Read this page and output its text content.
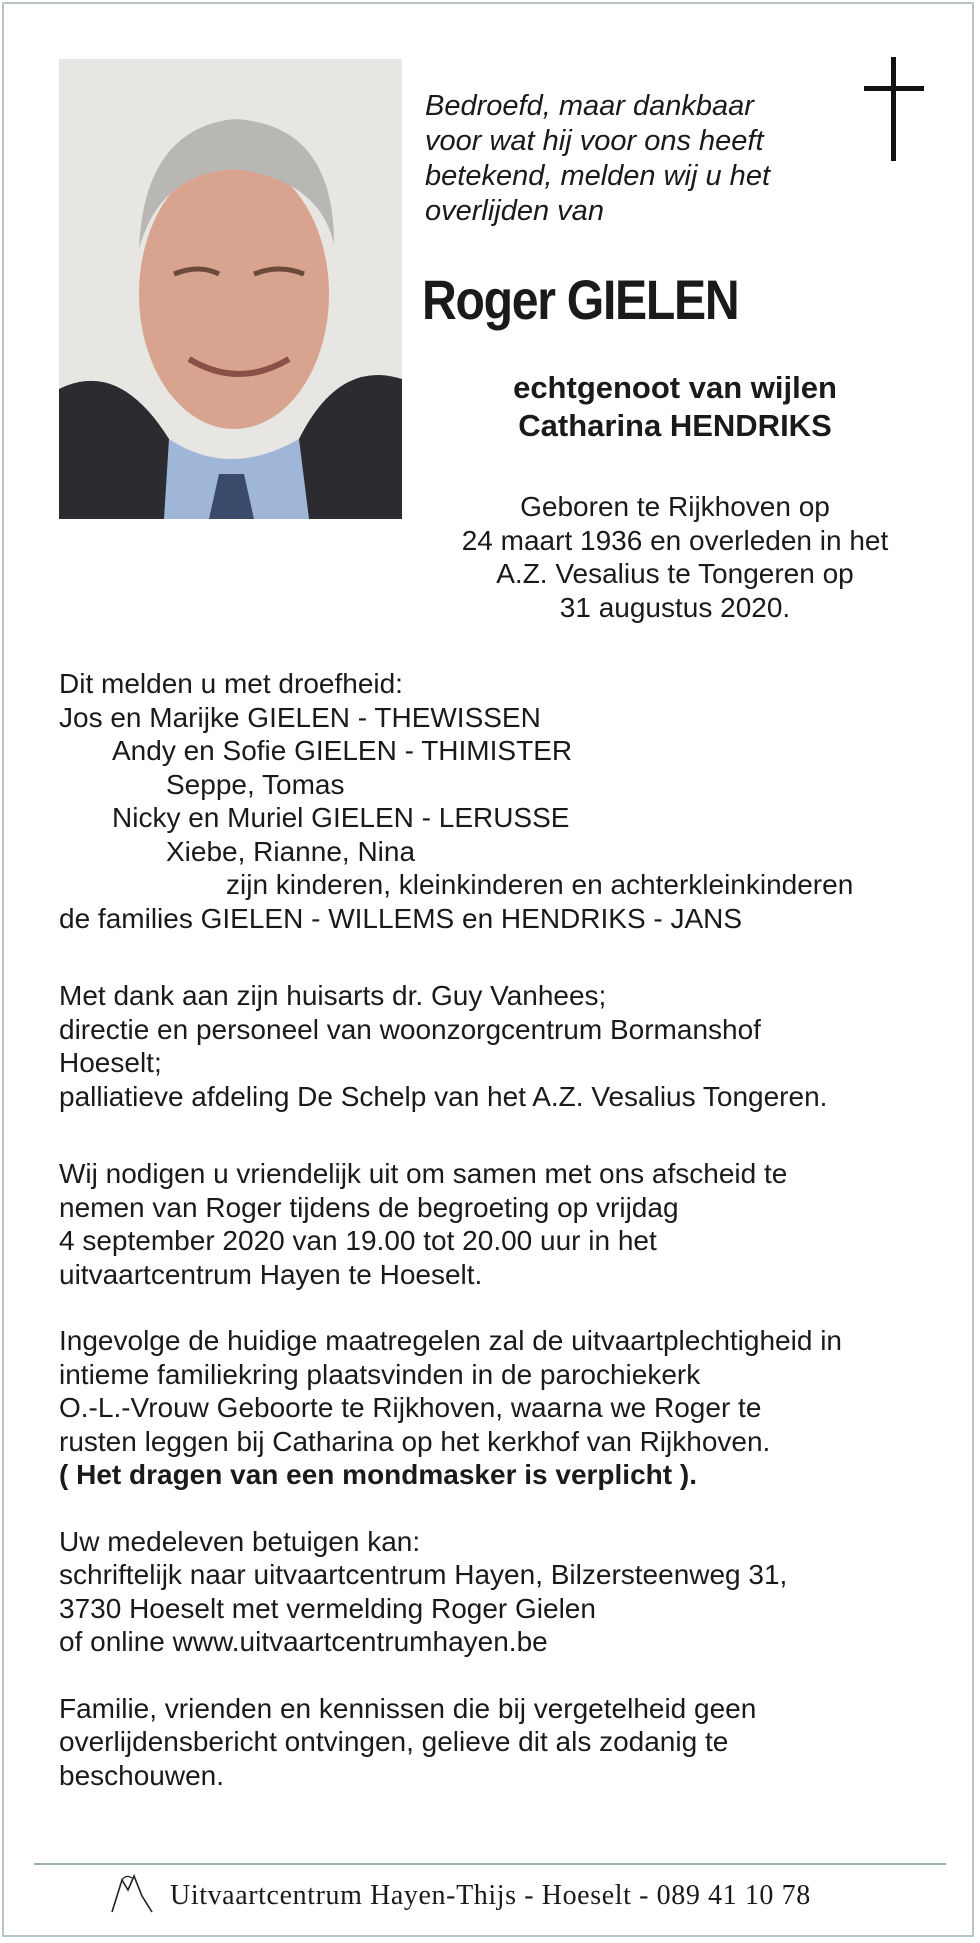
Bedroefd, maar dankbaar
voor wat hij voor ons heeft
betekend, melden wij u het
overlijden van
Roger GIELEN
echtgenoot van wijlen
Catharina HENDRIKS
Geboren te Rijkhoven op
24 maart 1936 en overleden in het
A.Z. Vesalius te Tongeren op
31 augustus 2020.
Dit melden u met droefheid:
Jos en Marijke GIELEN - THEWISSEN
Andy en Sofie GIELEN - THIMISTER
Seppe, Tomas
Nicky en Muriel GIELEN - LERUSSE
Xiebe, Rianne, Nina
zijn kinderen, kleinkinderen en achterkleinkinderen
de families GIELEN - WILLEMS en HENDRIKS - JANS
Met dank aan zijn huisarts dr. Guy Vanhees;
directie en personeel van woonzorgcentrum Bormanshof
Hoeselt;
palliatieve afdeling De Schelp van het A.Z. Vesalius Tongeren.
Wij nodigen u vriendelijk uit om samen met ons afscheid te
nemen van Roger tijdens de begroeting op vrijdag
4 september 2020 van 19.00 tot 20.00 uur in het
uitvaartcentrum Hayen te Hoeselt.
Ingevolge de huidige maatregelen zal de uitvaartplechtigheid in
intieme familiekring plaatsvinden in de parochiekerk
O.-L.-Vrouw Geboorte te Rijkhoven, waarna we Roger te
rusten leggen bij Catharina op het kerkhof van Rijkhoven.
( Het dragen van een mondmasker is verplicht ).
Uw medeleven betuigen kan:
schriftelijk naar uitvaartcentrum Hayen, Bilzersteenweg 31,
3730 Hoeselt met vermelding Roger Gielen
of online www.uitvaartcentrumhayen.be
Familie, vrienden en kennissen die bij vergetelheid geen
overlijdensbericht ontvingen, gelieve dit als zodanig te
beschouwen.
Uitvaartcentrum Hayen-Thijs - Hoeselt - 089 41 10 78
